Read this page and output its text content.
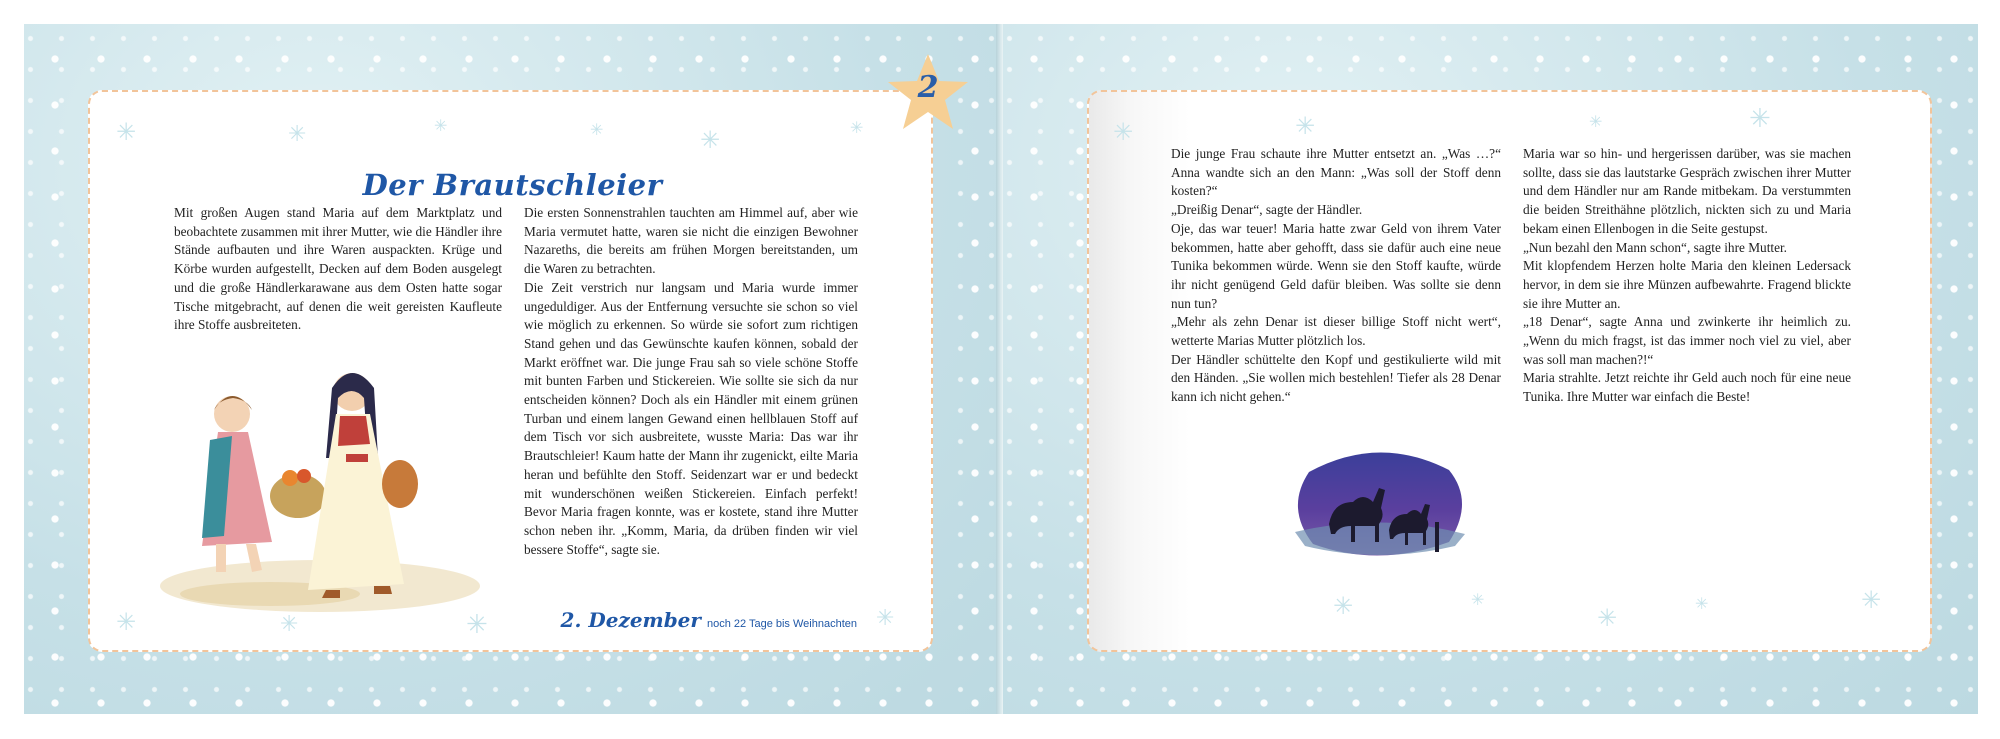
✳	✳	✳	✳	✳	✳
✳	✳	✳	✳
Der Brautschleier

Mit großen Augen stand Maria auf dem Marktplatz und beobachtete zusammen mit ihrer Mutter, wie die Händler ihre Stände aufbauten und ihre Waren auspackten. Krüge und Körbe wurden aufgestellt, Decken auf dem Boden ausgelegt und die große Händlerkarawane aus dem Osten hatte sogar Tische mitgebracht, auf denen die weit gereisten Kaufleute ihre Stoffe ausbreiteten.

Die ersten Sonnenstrahlen tauchten am Himmel auf, aber wie Maria vermutet hatte, waren sie nicht die einzigen Bewohner Nazareths, die bereits am frühen Morgen bereitstanden, um die Waren zu betrachten.

Die Zeit verstrich nur langsam und Maria wurde immer ungeduldiger. Aus der Entfernung versuchte sie schon so viel wie möglich zu erkennen. So würde sie sofort zum richtigen Stand gehen und das Gewünschte kaufen können, sobald der Markt eröffnet war. Die junge Frau sah so viele schöne Stoffe mit bunten Farben und Stickereien. Wie sollte sie sich da nur entscheiden können? Doch als ein Händler mit einem grünen Turban und einem langen Gewand einen hellblauen Stoff auf dem Tisch vor sich ausbreitete, wusste Maria: Das war ihr Brautschleier! Kaum hatte der Mann ihr zugenickt, eilte Maria heran und befühlte den Stoff. Seidenzart war er und bedeckt mit wunderschönen weißen Stickereien. Einfach perfekt! Bevor Maria fragen konnte, was er kostete, stand ihre Mutter schon neben ihr. „Komm, Maria, da drüben finden wir viel bessere Stoffe“, sagte sie.

2. Dezember noch 22 Tage bis Weihnachten
2
✳	✳	✳	✳
✳	✳
✳
✳	✳

Die junge Frau schaute ihre Mutter entsetzt an. „Was …?“ Anna wandte sich an den Mann: „Was soll der Stoff denn kosten?“

„Dreißig Denar“, sagte der Händler.

Oje, das war teuer! Maria hatte zwar Geld von ihrem Vater bekommen, hatte aber gehofft, dass sie dafür auch eine neue Tunika bekommen würde. Wenn sie den Stoff kaufte, würde ihr nicht genügend Geld dafür bleiben. Was sollte sie denn nun tun?

„Mehr als zehn Denar ist dieser billige Stoff nicht wert“, wetterte Marias Mutter plötzlich los.

Der Händler schüttelte den Kopf und gestikulierte wild mit den Händen. „Sie wollen mich bestehlen! Tiefer als 28 Denar kann ich nicht gehen.“

Maria war so hin- und hergerissen darüber, was sie machen sollte, dass sie das lautstarke Gespräch zwischen ihrer Mutter und dem Händler nur am Rande mitbekam. Da verstummten die beiden Streithähne plötzlich, nickten sich zu und Maria bekam einen Ellenbogen in die Seite gestupst.

„Nun bezahl den Mann schon“, sagte ihre Mutter.

Mit klopfendem Herzen holte Maria den kleinen Ledersack hervor, in dem sie ihre Münzen aufbewahrte. Fragend blickte sie ihre Mutter an.

„18 Denar“, sagte Anna und zwinkerte ihr heimlich zu. „Wenn du mich fragst, ist das immer noch viel zu viel, aber was soll man machen?!“

Maria strahlte. Jetzt reichte ihr Geld auch noch für eine neue Tunika. Ihre Mutter war einfach die Beste!
